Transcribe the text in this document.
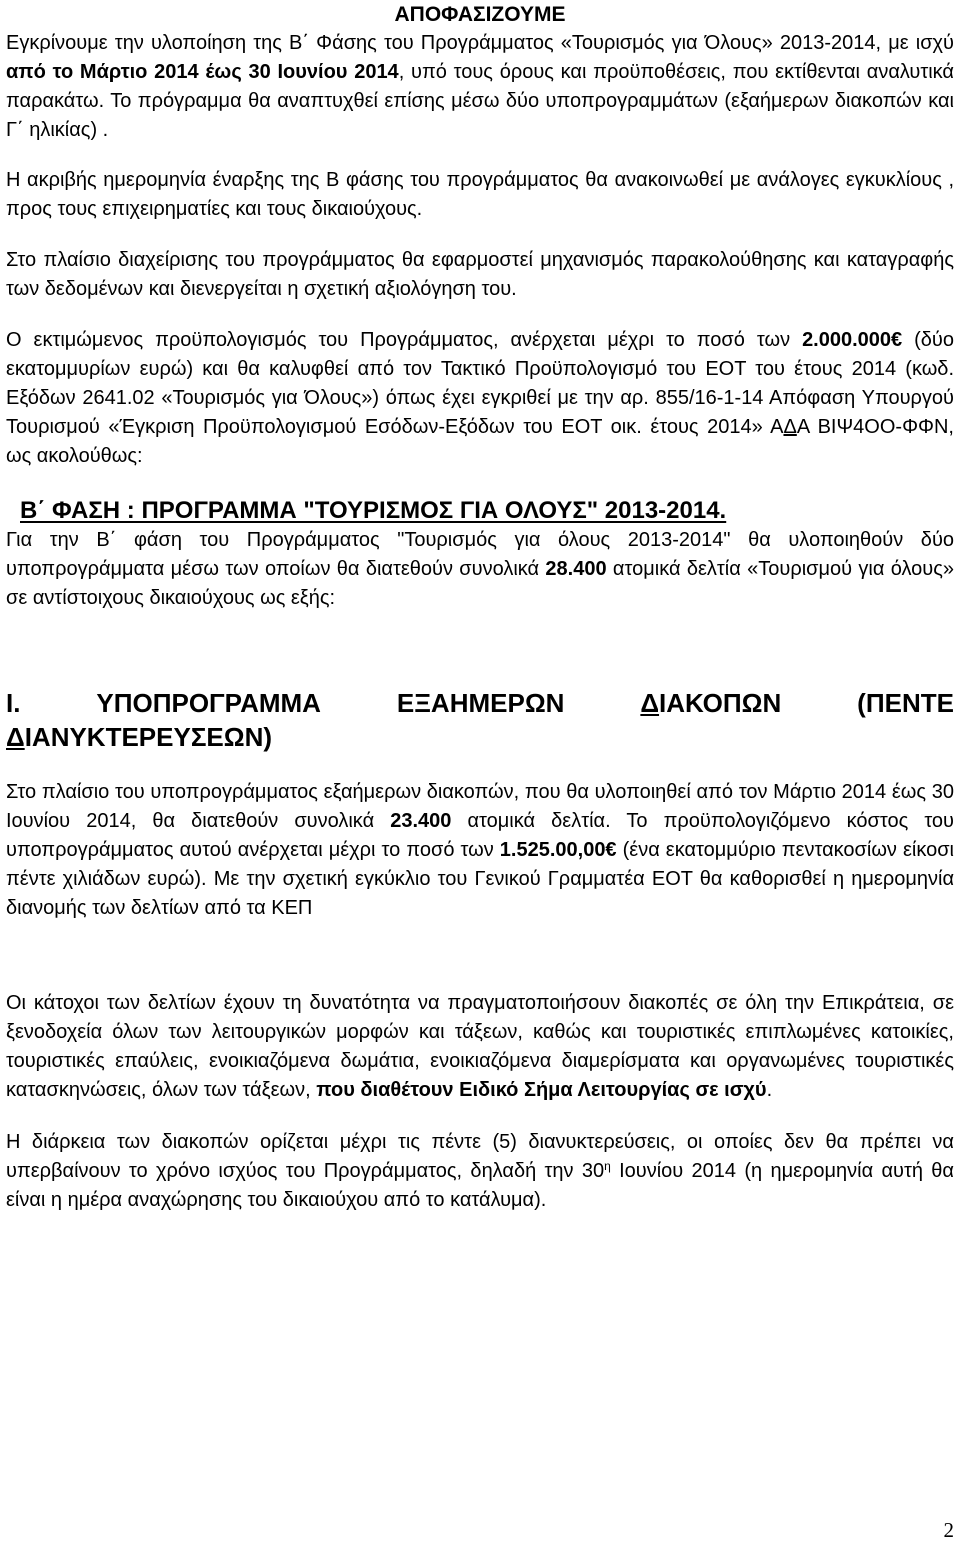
ΑΠΟΦΑΣΙΖΟΥΜΕ

Εγκρίνουμε την υλοποίηση της Β΄ Φάσης του Προγράμματος «Τουρισμός για Όλους» 2013-2014, με ισχύ από το Μάρτιο 2014 έως 30 Ιουνίου 2014, υπό τους όρους και προϋποθέσεις, που εκτίθενται αναλυτικά παρακάτω. Το πρόγραμμα θα αναπτυχθεί επίσης μέσω δύο υποπρογραμμάτων (εξαήμερων διακοπών και Γ΄ ηλικίας) .

Η ακριβής ημερομηνία έναρξης της Β φάσης του προγράμματος θα ανακοινωθεί με ανάλογες εγκυκλίους , προς τους επιχειρηματίες και τους δικαιούχους.

Στο πλαίσιο διαχείρισης του προγράμματος θα εφαρμοστεί μηχανισμός παρακολούθησης και καταγραφής των δεδομένων και διενεργείται η σχετική αξιολόγηση του.

Ο εκτιμώμενος προϋπολογισμός του Προγράμματος, ανέρχεται μέχρι το ποσό των 2.000.000€ (δύο εκατομμυρίων ευρώ) και θα καλυφθεί από τον Τακτικό Προϋπολογισμό του ΕΟΤ του έτους 2014 (κωδ. Εξόδων 2641.02 «Τουρισμός για Όλους») όπως έχει εγκριθεί με την αρ. 855/16-1-14 Απόφαση Υπουργού Τουρισμού «Έγκριση Προϋπολογισμού Εσόδων-Εξόδων του ΕΟΤ οικ. έτους 2014» ΑΔΑ ΒΙΨ4ΟΟ-ΦΦΝ, ως ακολούθως:

Β΄ ΦΑΣΗ : ΠΡΟΓΡΑΜΜΑ "ΤΟΥΡΙΣΜΟΣ ΓΙΑ ΟΛΟΥΣ" 2013-2014.

Για την Β΄ φάση του Προγράμματος "Τουρισμός για όλους 2013-2014" θα υλοποιηθούν δύο υποπρογράμματα μέσω των οποίων θα διατεθούν συνολικά 28.400 ατομικά δελτία «Τουρισμού για όλους» σε αντίστοιχους δικαιούχους ως εξής:

Ι.	ΥΠΟΠΡΟΓΡΑΜΜΑ	ΕΞΑΗΜΕΡΩΝ	ΔΙΑΚΟΠΩΝ	(ΠΕΝΤΕ
ΔΙΑΝΥΚΤΕΡΕΥΣΕΩΝ)

Στο πλαίσιο του υποπρογράμματος εξαήμερων διακοπών, που θα υλοποιηθεί από τον Μάρτιο 2014 έως 30 Ιουνίου 2014, θα διατεθούν συνολικά 23.400 ατομικά δελτία. Το προϋπολογιζόμενο κόστος του υποπρογράμματος αυτού ανέρχεται μέχρι το ποσό των 1.525.00,00€ (ένα εκατομμύριο πεντακοσίων είκοσι πέντε χιλιάδων ευρώ). Με την σχετική εγκύκλιο του Γενικού Γραμματέα ΕΟΤ θα καθορισθεί η ημερομηνία διανομής των δελτίων από τα ΚΕΠ

Οι κάτοχοι των δελτίων έχουν τη δυνατότητα να πραγματοποιήσουν διακοπές σε όλη την Επικράτεια, σε ξενοδοχεία όλων των λειτουργικών μορφών και τάξεων, καθώς και τουριστικές επιπλωμένες κατοικίες, τουριστικές επαύλεις, ενοικιαζόμενα δωμάτια, ενοικιαζόμενα διαμερίσματα και οργανωμένες τουριστικές κατασκηνώσεις, όλων των τάξεων, που διαθέτουν Ειδικό Σήμα Λειτουργίας σε ισχύ.

Η διάρκεια των διακοπών ορίζεται μέχρι τις πέντε (5) διανυκτερεύσεις, οι οποίες δεν θα πρέπει να υπερβαίνουν το χρόνο ισχύος του Προγράμματος, δηλαδή την $30^\eta$ Ιουνίου 2014 (η ημερομηνία αυτή θα είναι η ημέρα αναχώρησης του δικαιούχου από το κατάλυμα).

2
